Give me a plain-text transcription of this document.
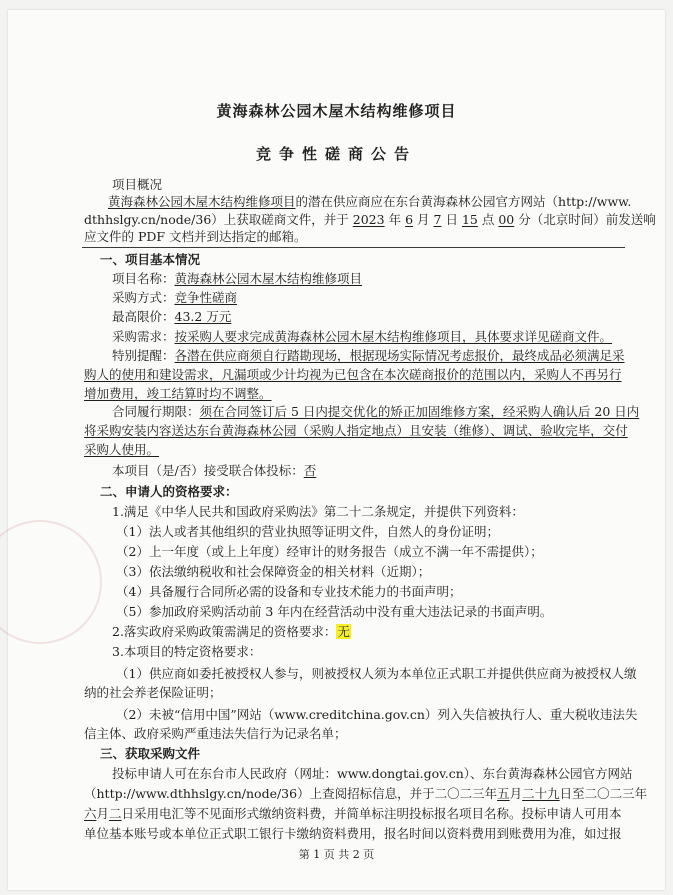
黄海森林公园木屋木结构维修项目
竞争性磋商公告
项目概况
黄海森林公园木屋木结构维修项目的潜在供应商应在东台黄海森林公园官方网站（http://www.
dthhslgy.cn/node/36）上获取磋商文件，并于 2023 年 6 月 7 日 15 点 00 分（北京时间）前发送响
应文件的 PDF 文档并到达指定的邮箱。
一、项目基本情况
项目名称：黄海森林公园木屋木结构维修项目
采购方式：竞争性磋商
最高限价：43.2 万元
采购需求：按采购人要求完成黄海森林公园木屋木结构维修项目，具体要求详见磋商文件。
特别提醒：各潜在供应商须自行踏勘现场，根据现场实际情况考虑报价，最终成品必须满足采
购人的使用和建设需求，凡漏项或少计均视为已包含在本次磋商报价的范围以内，采购人不再另行
增加费用，竣工结算时均不调整。
合同履行期限：须在合同签订后 5 日内提交优化的矫正加固维修方案，经采购人确认后 20 日内
将采购安装内容送达东台黄海森林公园（采购人指定地点）且安装（维修）、调试、验收完毕，交付
采购人使用。
本项目（是/否）接受联合体投标：否
二、申请人的资格要求：
1.满足《中华人民共和国政府采购法》第二十二条规定，并提供下列资料：
（1）法人或者其他组织的营业执照等证明文件，自然人的身份证明；
（2）上一年度（或上上年度）经审计的财务报告（成立不满一年不需提供）；
（3）依法缴纳税收和社会保障资金的相关材料（近期）；
（4）具备履行合同所必需的设备和专业技术能力的书面声明；
（5）参加政府采购活动前 3 年内在经营活动中没有重大违法记录的书面声明。
2.落实政府采购政策需满足的资格要求：无
3.本项目的特定资格要求：
（1）供应商如委托被授权人参与，则被授权人须为本单位正式职工并提供供应商为被授权人缴
纳的社会养老保险证明；
（2）未被“信用中国”网站（www.creditchina.gov.cn）列入失信被执行人、重大税收违法失
信主体、政府采购严重违法失信行为记录名单；
三、获取采购文件
投标申请人可在东台市人民政府（网址：www.dongtai.gov.cn）、东台黄海森林公园官方网站
（http://www.dthhslgy.cn/node/36）上查阅招标信息，并于二〇二三年五月二十九日至二〇二三年
六月二日采用电汇等不见面形式缴纳资料费，并简单标注明投标报名项目名称。投标申请人可用本
单位基本账号或本单位正式职工银行卡缴纳资料费用，报名时间以资料费用到账费用为准，如过报
第 1 页 共 2 页
